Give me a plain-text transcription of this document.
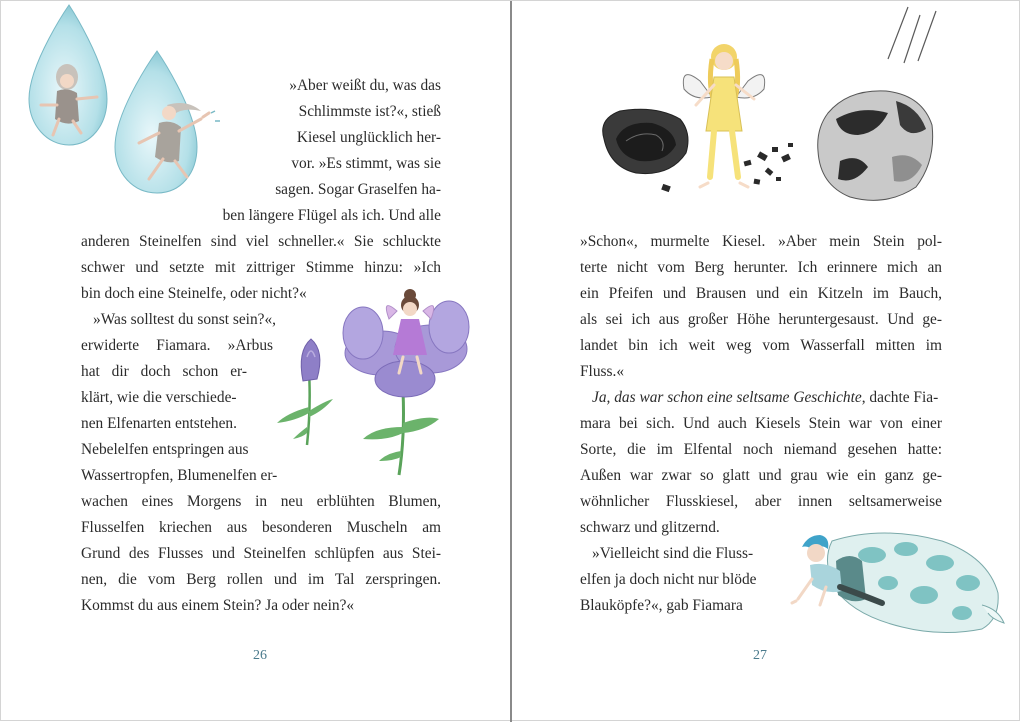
»Aber weißt du, was das
Schlimmste ist?«, stieß
Kiesel unglücklich her-
vor. »Es stimmt, was sie
sagen. Sogar Graselfen ha-
ben längere Flügel als ich. Und alle
anderen Steinelfen sind viel schneller.« Sie schluckte
schwer und setzte mit zittriger Stimme hinzu: »Ich
bin doch eine Steinelfe, oder nicht?«
»Was solltest du sonst sein?«,
erwiderte Fiamara. »Arbus
hat dir doch schon er-
klärt, wie die verschiede-
nen Elfenarten entstehen.
Nebelelfen entspringen aus
Wassertropfen, Blumenelfen er-
wachen eines Morgens in neu erblühten Blumen,
Flusselfen kriechen aus besonderen Muscheln am
Grund des Flusses und Steinelfen schlüpfen aus Stei-
nen, die vom Berg rollen und im Tal zerspringen.
Kommst du aus einem Stein? Ja oder nein?«
26
»Schon«, murmelte Kiesel. »Aber mein Stein pol-
terte nicht vom Berg herunter. Ich erinnere mich an
ein Pfeifen und Brausen und ein Kitzeln im Bauch,
als sei ich aus großer Höhe heruntergesaust. Und ge-
landet bin ich weit weg vom Wasserfall mitten im
Fluss.«
Ja, das war schon eine seltsame Geschichte, dachte Fia-
mara bei sich. Und auch Kiesels Stein war von einer
Sorte, die im Elfental noch niemand gesehen hatte:
Außen war zwar so glatt und grau wie ein ganz ge-
wöhnlicher Flusskiesel, aber innen seltsamerweise
schwarz und glitzernd.
»Vielleicht sind die Fluss-
elfen ja doch nicht nur blöde
Blauköpfe?«, gab Fiamara
27
